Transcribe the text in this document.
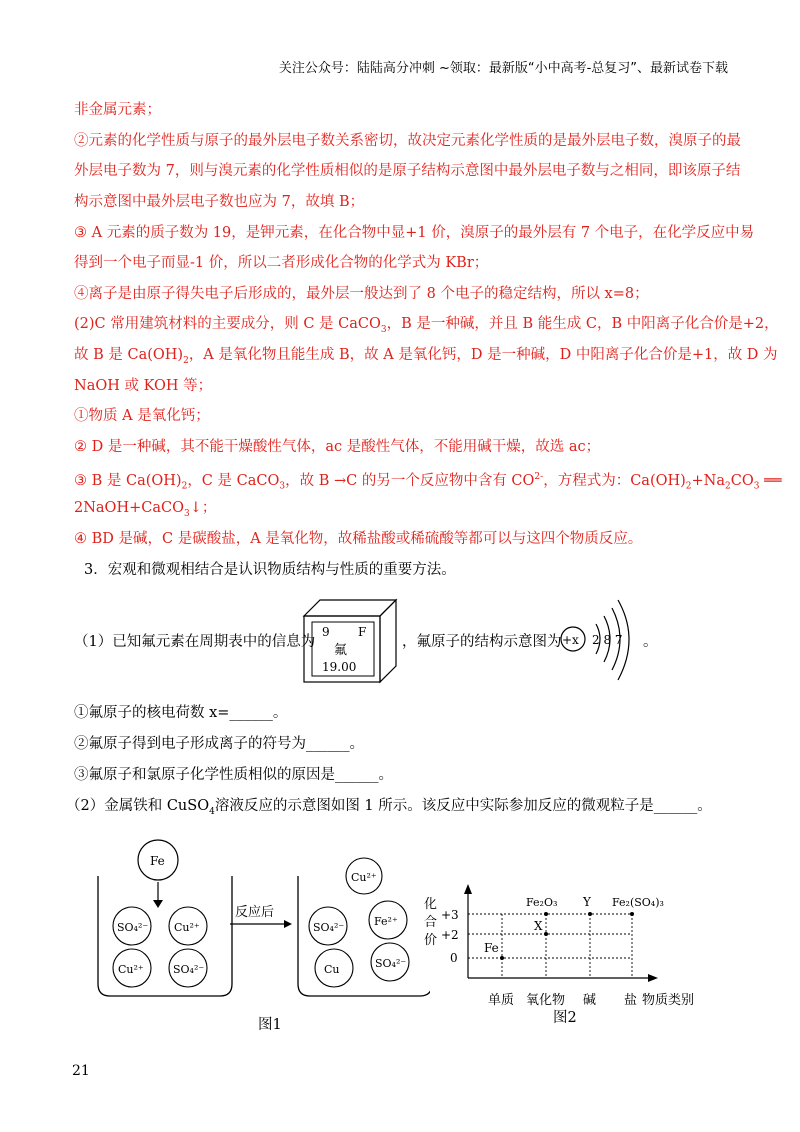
关注公众号：陆陆高分冲刺 ~领取：最新版“小中高考-总复习”、最新试卷下载
非金属元素；
②元素的化学性质与原子的最外层电子数关系密切，故决定元素化学性质的是最外层电子数，溴原子的最
外层电子数为 7，则与溴元素的化学性质相似的是原子结构示意图中最外层电子数与之相同，即该原子结
构示意图中最外层电子数也应为 7，故填 B；
③ A 元素的质子数为 19，是钾元素，在化合物中显+1 价，溴原子的最外层有 7 个电子，在化学反应中易
得到一个电子而显-1 价，所以二者形成化合物的化学式为 KBr；
④离子是由原子得失电子后形成的，最外层一般达到了 8 个电子的稳定结构，所以 x=8；
(2)C 常用建筑材料的主要成分，则 C 是 CaCO$_3$，B 是一种碱，并且 B 能生成 C，B 中阳离子化合价是+2，
故 B 是 $Ca(OH)_2$，A 是氧化物且能生成 B，故 A 是氧化钙，D 是一种碱，D 中阳离子化合价是+1，故 D 为
NaOH 或 KOH 等；
①物质 A 是氧化钙；
② D 是一种碱，其不能干燥酸性气体，ac 是酸性气体，不能用碱干燥，故选 ac；
③ B 是 $Ca(OH)_2$，C 是 CaCO$_3$，故 B →C 的另一个反应物中含有 $CO^{2-}$，方程式为：$Ca(OH)_2+Na_2CO_3$ ══
2NaOH+CaCO$_3$↓；
④ BD 是碱，C 是碳酸盐，A 是氧化物，故稀盐酸或稀硫酸等都可以与这四个物质反应。
3．宏观和微观相结合是认识物质结构与性质的重要方法。
（1）已知氟元素在周期表中的信息为
9 F
氟
19.00
，氟原子的结构示意图为 +x 2 8 7 。
①氟原子的核电荷数 x=______。
②氟原子得到电子形成离子的符号为______。
③氟原子和氯原子化学性质相似的原因是______。
（2）金属铁和 CuSO$_4$溶液反应的示意图如图 1 所示。该反应中实际参加反应的微观粒子是______。
Fe
SO₄²⁻ Cu²⁺
Cu²⁺	SO₄²⁻
反应后
Cu²⁺
SO₄²⁻	Fe²⁺
Cu	SO₄²⁻
图1
化
合
价
+3
+2
0
Fe
Fe₂O₃ Y Fe₂(SO₄)₃
X
单质 氧化物 碱 盐 物质类别
图2
21
